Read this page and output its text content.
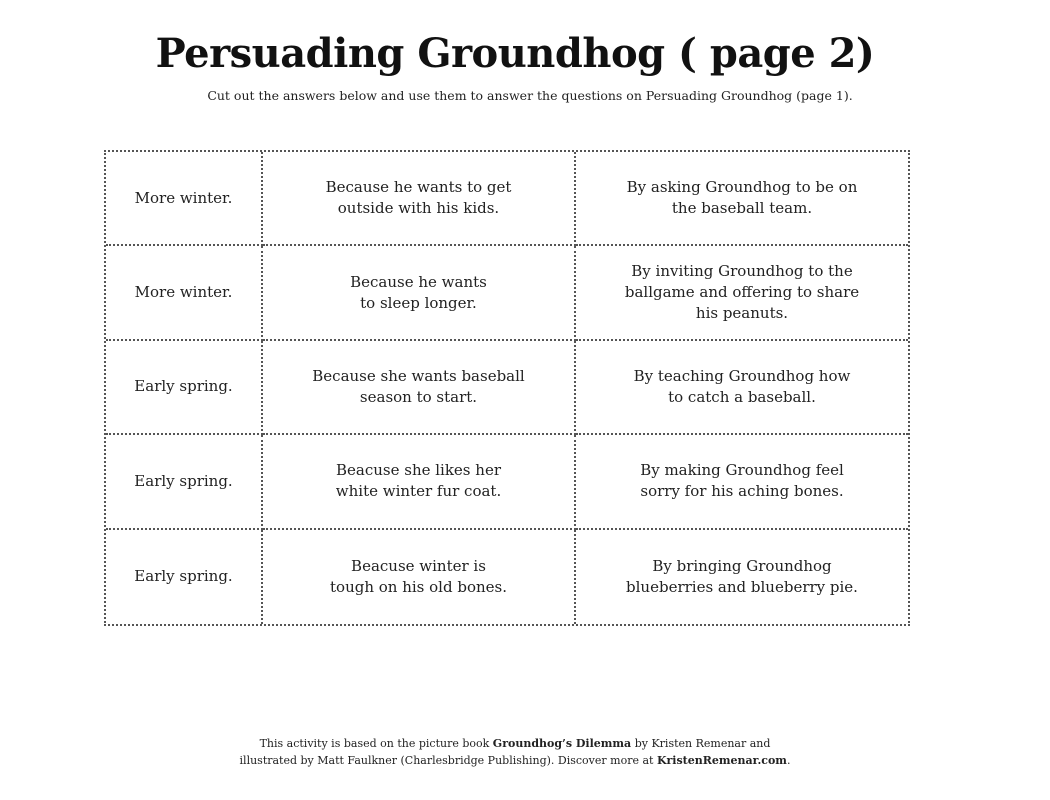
Persuading Groundhog ( page 2)

Cut out the answers below and use them to answer the questions on Persuading Groundhog (page 1).

More winter.
Because he wants to get
outside with his kids.
By asking Groundhog to be on
the baseball team.
More winter.
Because he wants
to sleep longer.
By inviting Groundhog to the
ballgame and offering to share
his peanuts.
Early spring.
Because she wants baseball
season to start.
By teaching Groundhog how
to catch a baseball.
Early spring.
Beacuse she likes her
white winter fur coat.
By making Groundhog feel
sorry for his aching bones.
Early spring.
Beacuse winter is
tough on his old bones.
By bringing Groundhog
blueberries and blueberry pie.
This activity is based on the picture book Groundhog’s Dilemma by Kristen Remenar and
illustrated by Matt Faulkner (Charlesbridge Publishing). Discover more at KristenRemenar.com.
